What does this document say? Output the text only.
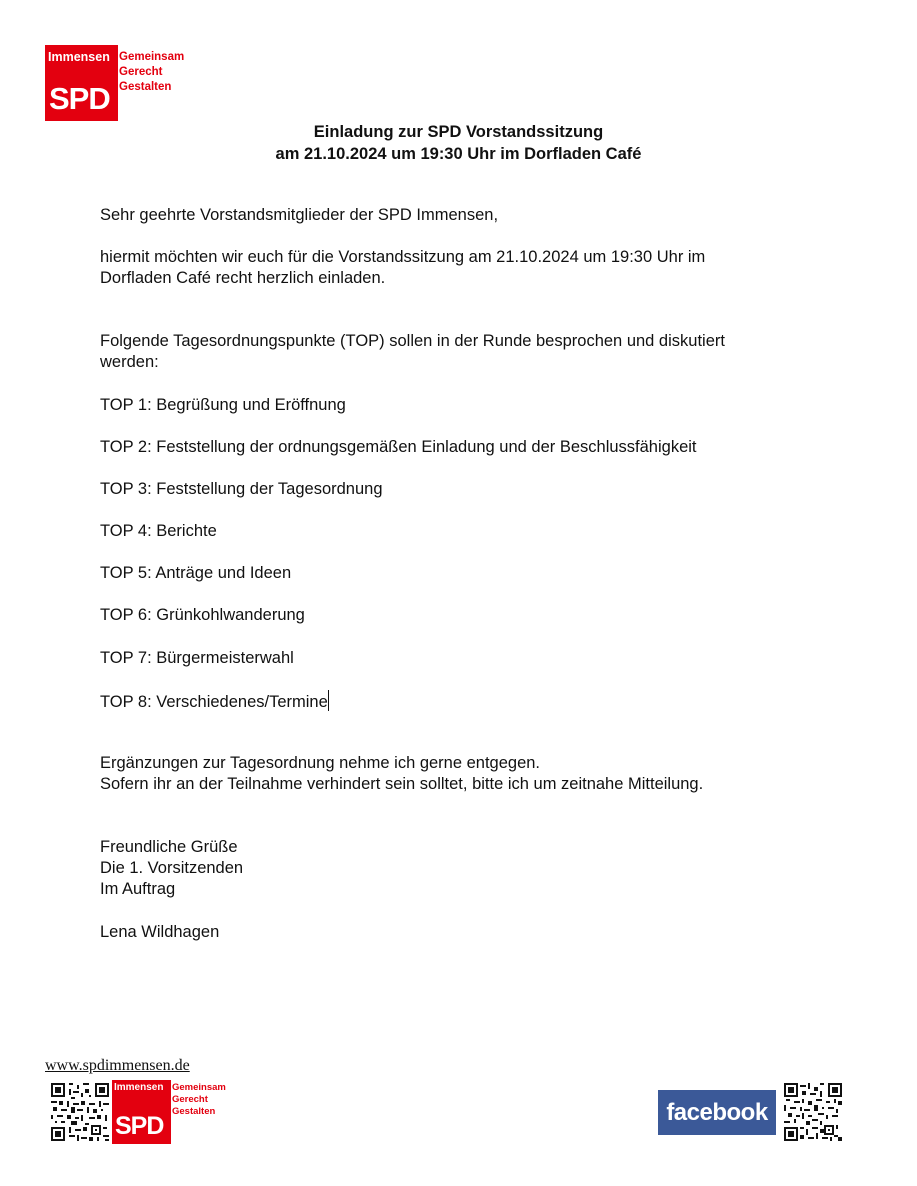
Immensen
SPD
Gemeinsam
Gerecht
Gestalten
Einladung zur SPD Vorstandssitzung
am 21.10.2024 um 19:30 Uhr im Dorfladen Café
Sehr geehrte Vorstandsmitglieder der SPD Immensen,
hiermit möchten wir euch für die Vorstandssitzung am 21.10.2024 um 19:30 Uhr im
Dorfladen Café recht herzlich einladen.
Folgende Tagesordnungspunkte (TOP) sollen in der Runde besprochen und diskutiert
werden:
TOP 1: Begrüßung und Eröffnung
TOP 2: Feststellung der ordnungsgemäßen Einladung und der Beschlussfähigkeit
TOP 3: Feststellung der Tagesordnung
TOP 4: Berichte
TOP 5: Anträge und Ideen
TOP 6: Grünkohlwanderung
TOP 7: Bürgermeisterwahl
TOP 8: Verschiedenes/Termine
Ergänzungen zur Tagesordnung nehme ich gerne entgegen.
Sofern ihr an der Teilnahme verhindert sein solltet, bitte ich um zeitnahe Mitteilung.
Freundliche Grüße
Die 1. Vorsitzenden
Im Auftrag
Lena Wildhagen
www.spdimmensen.de
Immensen
SPD
Gemeinsam
Gerecht
Gestalten	facebook
